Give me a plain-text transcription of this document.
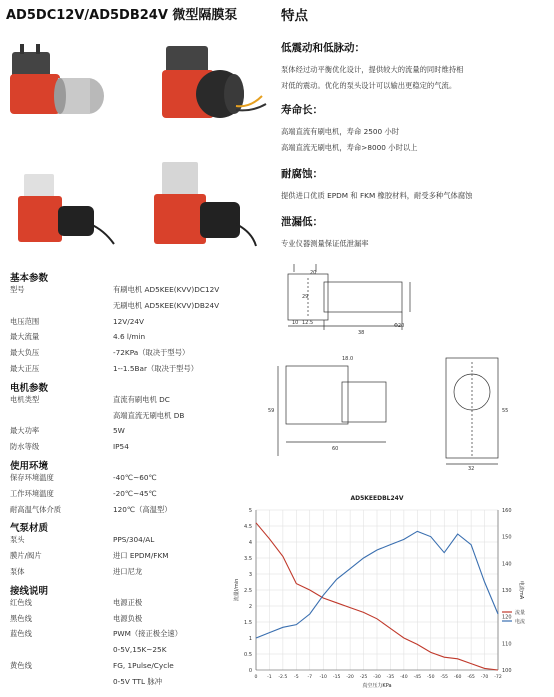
AD5DC12V/AD5DB24V 微型隔膜泵	特点
低震动和低脉动：
泵体经过动平衡优化设计，提供较大的流量的同时维持相
对低的震动。优化的泵头设计可以输出更稳定的气流。
寿命长：
高端直流有刷电机，寿命 2500 小时
高端直流无刷电机，寿命>8000 小时以上
耐腐蚀：
提供进口优质 EPDM 和 FKM 橡胶材料，耐受多种气体腐蚀
泄漏低：
专业仪器测量保证低泄漏率
基本参数
型号	有刷电机 AD5KEE(KVV)DC12V
无刷电机 AD5KEE(KVV)DB24V
电压范围	12V/24V
最大流量	4.6 l/min
最大负压	-72KPa（取决于型号）
最大正压	1--1.5Bar（取决于型号）
电机参数
电机类型	直流有刷电机 DC
高端直流无刷电机 DB
最大功率	5W
防水等级	IP54
使用环境
保存环境温度	-40℃~60℃
工作环境温度	-20℃~45℃
耐高温气体介质	120℃（高温型）
气泵材质
泵头	PPS/304/AL
膜片/阀片	进口 EPDM/FKM
泵体	进口尼龙
接线说明
红色线	电源正极
黑色线	电源负极
蓝色线	PWM（接正极全速）
0-5V,15K~25K
黄色线	FG, 1Pulse/Cycle
0-5V TTL 脉冲
20
10 12.5
38
Φ20
29
59
60
18.0
32
55
AD5KEEDBL24V
0
0.5
1
1.5
2
2.5
3
3.5
4
4.5
5
100
110
120
130
140
150
160
0 -1 -2.5 -5 -7 -10 -15 -20 -25 -30 -35 -40 -45 -50 -55 -60 -65 -70 -72
真空压力KPa
流量l/min	电流mA
流量
电流
